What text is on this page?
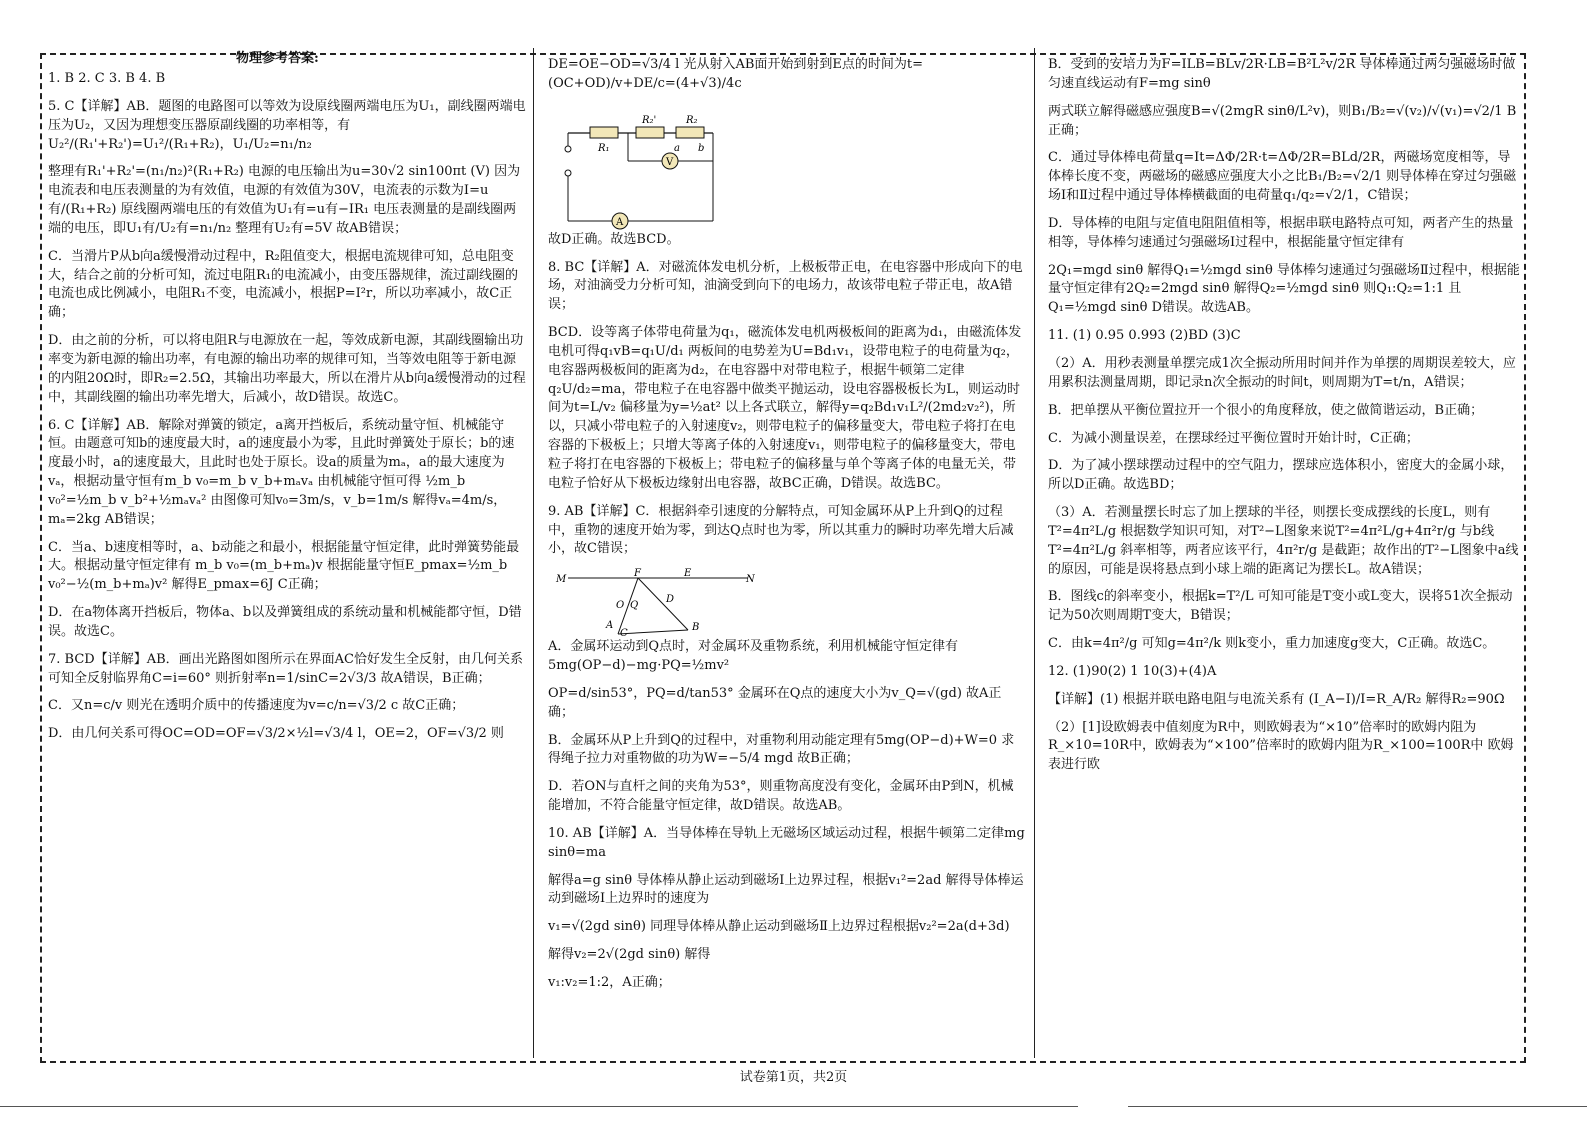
物理参考答案:

1. B 2. C 3. B 4. B

5. C【详解】AB．题图的电路图可以等效为设原线圈两端电压为U₁，副线圈两端电压为U₂，又因为理想变压器原副线圈的功率相等，有U₂²/(R₁'+R₂')=U₁²/(R₁+R₂)，U₁/U₂=n₁/n₂

整理有R₁'+R₂'=(n₁/n₂)²(R₁+R₂) 电源的电压输出为u=30√2 sin100πt (V) 因为电流表和电压表测量的为有效值，电源的有效值为30V，电流表的示数为I=u有/(R₁+R₂) 原线圈两端电压的有效值为U₁有=u有−IR₁ 电压表测量的是副线圈两端的电压，即U₁有/U₂有=n₁/n₂ 整理有U₂有=5V 故AB错误；

C．当滑片P从b向a缓慢滑动过程中，R₂阻值变大，根据电流规律可知，总电阻变大，结合之前的分析可知，流过电阻R₁的电流减小，由变压器规律，流过副线圈的电流也成比例减小，电阻R₁不变，电流减小，根据P=I²r，所以功率减小，故C正确；

D．由之前的分析，可以将电阻R与电源放在一起，等效成新电源，其副线圈输出功率变为新电源的输出功率，有电源的输出功率的规律可知，当等效电阻等于新电源的内阻20Ω时，即R₂=2.5Ω，其输出功率最大，所以在滑片从b向a缓慢滑动的过程中，其副线圈的输出功率先增大，后减小，故D错误。故选C。

6. C【详解】AB．解除对弹簧的锁定，a离开挡板后，系统动量守恒、机械能守恒。由题意可知b的速度最大时，a的速度最小为零，且此时弹簧处于原长；b的速度最小时，a的速度最大，且此时也处于原长。设a的质量为mₐ，a的最大速度为vₐ，根据动量守恒有m_b v₀=m_b v_b+mₐvₐ 由机械能守恒可得 ½m_b v₀²=½m_b v_b²+½mₐvₐ² 由图像可知v₀=3m/s，v_b=1m/s 解得vₐ=4m/s，mₐ=2kg AB错误；

C．当a、b速度相等时，a、b动能之和最小，根据能量守恒定律，此时弹簧势能最大。根据动量守恒定律有 m_b v₀=(m_b+mₐ)v 根据能量守恒E_pmax=½m_b v₀²−½(m_b+mₐ)v² 解得E_pmax=6J C正确；

D．在a物体离开挡板后，物体a、b以及弹簧组成的系统动量和机械能都守恒，D错误。故选C。

7. BCD【详解】AB．画出光路图如图所示在界面AC恰好发生全反射，由几何关系可知全反射临界角C=i=60° 则折射率n=1/sinC=2√3/3 故A错误，B正确；

C．又n=c/v 则光在透明介质中的传播速度为v=c/n=√3/2 c 故C正确；

D．由几何关系可得OC=OD=OF=√3/2×½l=√3/4 l，OE=2，OF=√3/2 则

DE=OE−OD=√3/4 l 光从射入AB面开始到射到E点的时间为t=(OC+OD)/v+DE/c=(4+√3)/4c

V
A
R₁
R₂'	R₂
a b

故D正确。故选BCD。

8. BC【详解】A．对磁流体发电机分析，上极板带正电，在电容器中形成向下的电场，对油滴受力分析可知，油滴受到向下的电场力，故该带电粒子带正电，故A错误；

BCD．设等离子体带电荷量为q₁，磁流体发电机两极板间的距离为d₁，由磁流体发电机可得q₁vB=q₁U/d₁ 两板间的电势差为U=Bd₁v₁，设带电粒子的电荷量为q₂，电容器两极板间的距离为d₂，在电容器中对带电粒子，根据牛顿第二定律q₂U/d₂=ma，带电粒子在电容器中做类平抛运动，设电容器极板长为L，则运动时间为t=L/v₂ 偏移量为y=½at² 以上各式联立，解得y=q₂Bd₁v₁L²/(2md₂v₂²)，所以，只减小带电粒子的入射速度v₂，则带电粒子的偏移量变大，带电粒子将打在电容器的下极板上；只增大等离子体的入射速度v₁，则带电粒子的偏移量变大，带电粒子将打在电容器的下极板上；带电粒子的偏移量与单个等离子体的电量无关，带电粒子恰好从下极板边缘射出电容器，故BC正确，D错误。故选BC。

9. AB【详解】C．根据斜牵引速度的分解特点，可知金属环从P上升到Q的过程中，重物的速度开始为零，到达Q点时也为零，所以其重力的瞬时功率先增大后减小，故C错误；

M	N
F	E
O
D
Q
A	B
C

A．金属环运动到Q点时，对金属环及重物系统，利用机械能守恒定律有5mg(OP−d)−mg·PQ=½mv²

OP=d/sin53°，PQ=d/tan53° 金属环在Q点的速度大小为v_Q=√(gd) 故A正确；

B．金属环从P上升到Q的过程中，对重物利用动能定理有5mg(OP−d)+W=0 求得绳子拉力对重物做的功为W=−5/4 mgd 故B正确；

D．若ON与直杆之间的夹角为53°，则重物高度没有变化，金属环由P到N，机械能增加，不符合能量守恒定律，故D错误。故选AB。

10. AB【详解】A．当导体棒在导轨上无磁场区域运动过程，根据牛顿第二定律mg sinθ=ma

解得a=g sinθ 导体棒从静止运动到磁场Ⅰ上边界过程，根据v₁²=2ad 解得导体棒运动到磁场Ⅰ上边界时的速度为

v₁=√(2gd sinθ) 同理导体棒从静止运动到磁场Ⅱ上边界过程根据v₂²=2a(d+3d)

解得v₂=2√(2gd sinθ) 解得

v₁:v₂=1:2，A正确；

B．受到的安培力为F=ILB=BLv/2R·LB=B²L²v/2R 导体棒通过两匀强磁场时做匀速直线运动有F=mg sinθ

两式联立解得磁感应强度B=√(2mgR sinθ/L²v)，则B₁/B₂=√(v₂)/√(v₁)=√2/1 B正确；

C．通过导体棒电荷量q=It=ΔΦ/2R·t=ΔΦ/2R=BLd/2R，两磁场宽度相等，导体棒长度不变，两磁场的磁感应强度大小之比B₁/B₂=√2/1 则导体棒在穿过匀强磁场Ⅰ和Ⅱ过程中通过导体棒横截面的电荷量q₁/q₂=√2/1，C错误；

D．导体棒的电阻与定值电阻阻值相等，根据串联电路特点可知，两者产生的热量相等，导体棒匀速通过匀强磁场Ⅰ过程中，根据能量守恒定律有

2Q₁=mgd sinθ 解得Q₁=½mgd sinθ 导体棒匀速通过匀强磁场Ⅱ过程中，根据能量守恒定律有2Q₂=2mgd sinθ 解得Q₂=½mgd sinθ 则Q₁:Q₂=1:1 且 Q₁=½mgd sinθ D错误。故选AB。

11. (1) 0.95 0.993 (2)BD (3)C

（2）A．用秒表测量单摆完成1次全振动所用时间并作为单摆的周期误差较大，应用累积法测量周期，即记录n次全振动的时间t，则周期为T=t/n，A错误；

B．把单摆从平衡位置拉开一个很小的角度释放，使之做简谐运动，B正确；

C．为减小测量误差，在摆球经过平衡位置时开始计时，C正确；

D．为了减小摆球摆动过程中的空气阻力，摆球应选体积小，密度大的金属小球，所以D正确。故选BD；

（3）A．若测量摆长时忘了加上摆球的半径，则摆长变成摆线的长度L，则有T²=4π²L/g 根据数学知识可知，对T²−L图象来说T²=4π²L/g+4π²r/g 与b线T²=4π²L/g 斜率相等，两者应该平行，4π²r/g 是截距；故作出的T²−L图象中a线的原因，可能是误将悬点到小球上端的距离记为摆长L。故A错误；

B．图线c的斜率变小，根据k=T²/L 可知可能是T变小或L变大，误将51次全振动记为50次则周期T变大，B错误；

C．由k=4π²/g 可知g=4π²/k 则k变小，重力加速度g变大，C正确。故选C。

12. (1)90(2) 1 10(3)+(4)A

【详解】(1) 根据并联电路电阻与电流关系有 (I_A−I)/I=R_A/R₂ 解得R₂=90Ω

（2）[1]设欧姆表中值刻度为R中，则欧姆表为“×10”倍率时的欧姆内阻为R_×10=10R中，欧姆表为“×100”倍率时的欧姆内阻为R_×100=100R中 欧姆表进行欧

试卷第1页，共2页
